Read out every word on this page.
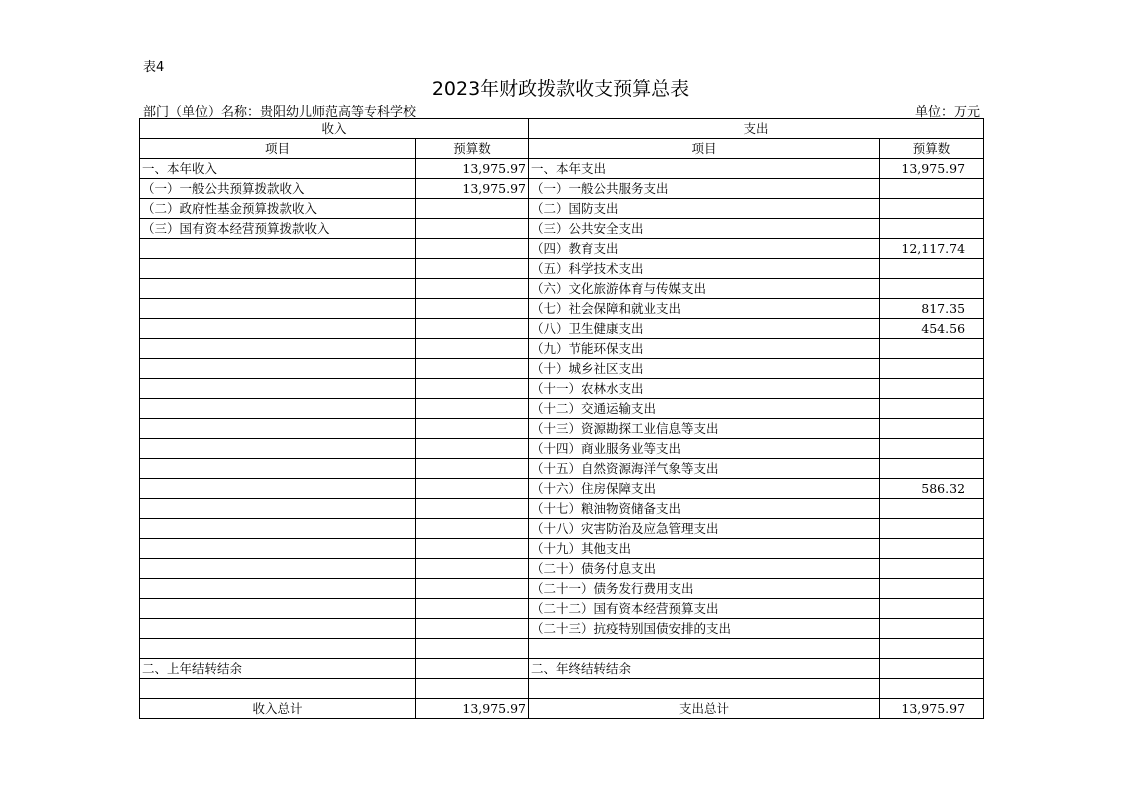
表4
2023年财政拨款收支预算总表
部门（单位）名称：贵阳幼儿师范高等专科学校	单位：万元
收入		支出	
项目	预算数	项目	预算数
一、本年收入	13,975.97	一、本年支出	13,975.97
（一）一般公共预算拨款收入	13,975.97	（一）一般公共服务支出	
（二）政府性基金预算拨款收入		（二）国防支出	
（三）国有资本经营预算拨款收入		（三）公共安全支出	
		（四）教育支出	12,117.74
		（五）科学技术支出	
		（六）文化旅游体育与传媒支出	
		（七）社会保障和就业支出	817.35
		（八）卫生健康支出	454.56
		（九）节能环保支出	
		（十）城乡社区支出	
		（十一）农林水支出	
		（十二）交通运输支出	
		（十三）资源勘探工业信息等支出	
		（十四）商业服务业等支出	
		（十五）自然资源海洋气象等支出	
		（十六）住房保障支出	586.32
		（十七）粮油物资储备支出	
		（十八）灾害防治及应急管理支出	
		（十九）其他支出	
		（二十）债务付息支出	
		（二十一）债务发行费用支出	
		（二十二）国有资本经营预算支出	
		（二十三）抗疫特别国债安排的支出	

二、上年结转结余		二、年终结转结余	

收入总计	13,975.97	支出总计	13,975.97
